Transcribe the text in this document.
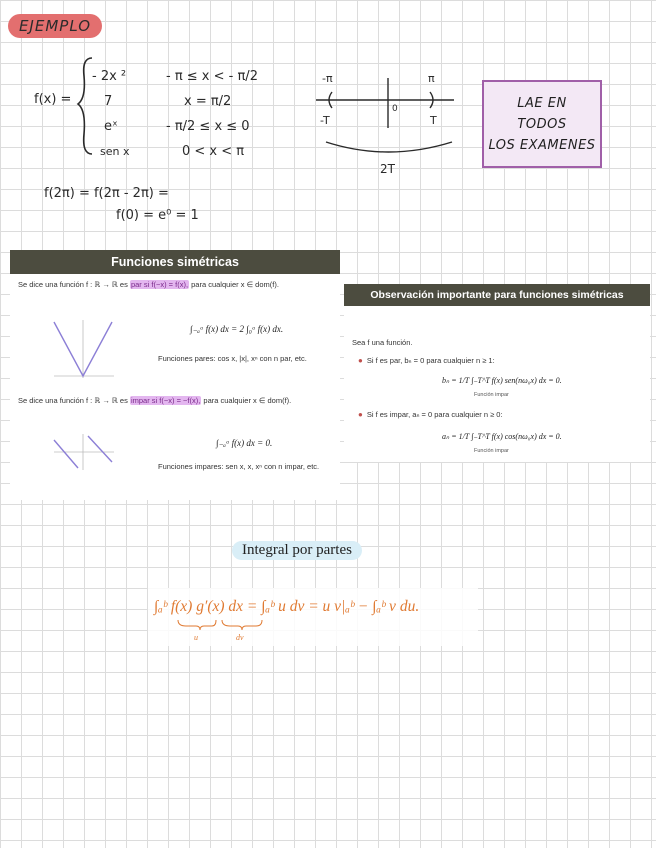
EJEMPLO
f(x) =
- 2x ²	- π ≤ x < - π/2
7	x = π/2
eˣ	- π/2 ≤ x ≤ 0
sen x	0 < x < π
-π	π
-T	T
0
2T
LAE EN
TODOS
LOS EXAMENES
f(2π) = f(2π - 2π) =
f(0) = e⁰ = 1
Funciones simétricas
Se dice una función f : ℝ → ℝ es par si f(−x) = f(x), para cualquier x ∈ dom(f).
∫₋ₐᵃ f(x) dx = 2 ∫₀ᵃ f(x) dx.
Funciones pares: cos x, |x|, xⁿ con n par, etc.
Se dice una función f : ℝ → ℝ es impar si f(−x) = −f(x), para cualquier x ∈ dom(f).
∫₋ₐᵃ f(x) dx = 0.
Funciones impares: sen x, x, xⁿ con n impar, etc.
Observación importante para funciones simétricas
Sea f una función.
● Si f es par, bₙ = 0 para cualquier n ≥ 1:
bₙ = 1/T ∫₋T^T f(x) sen(nω₀x) dx = 0.
Función impar
● Si f es impar, aₙ = 0 para cualquier n ≥ 0:
aₙ = 1/T ∫₋T^T f(x) cos(nω₀x) dx = 0.
Función impar
Integral por partes
∫ₐᵇ f(x) g′(x) dx = ∫ₐᵇ u dv = u v|ₐᵇ − ∫ₐᵇ v du.
u	dv
